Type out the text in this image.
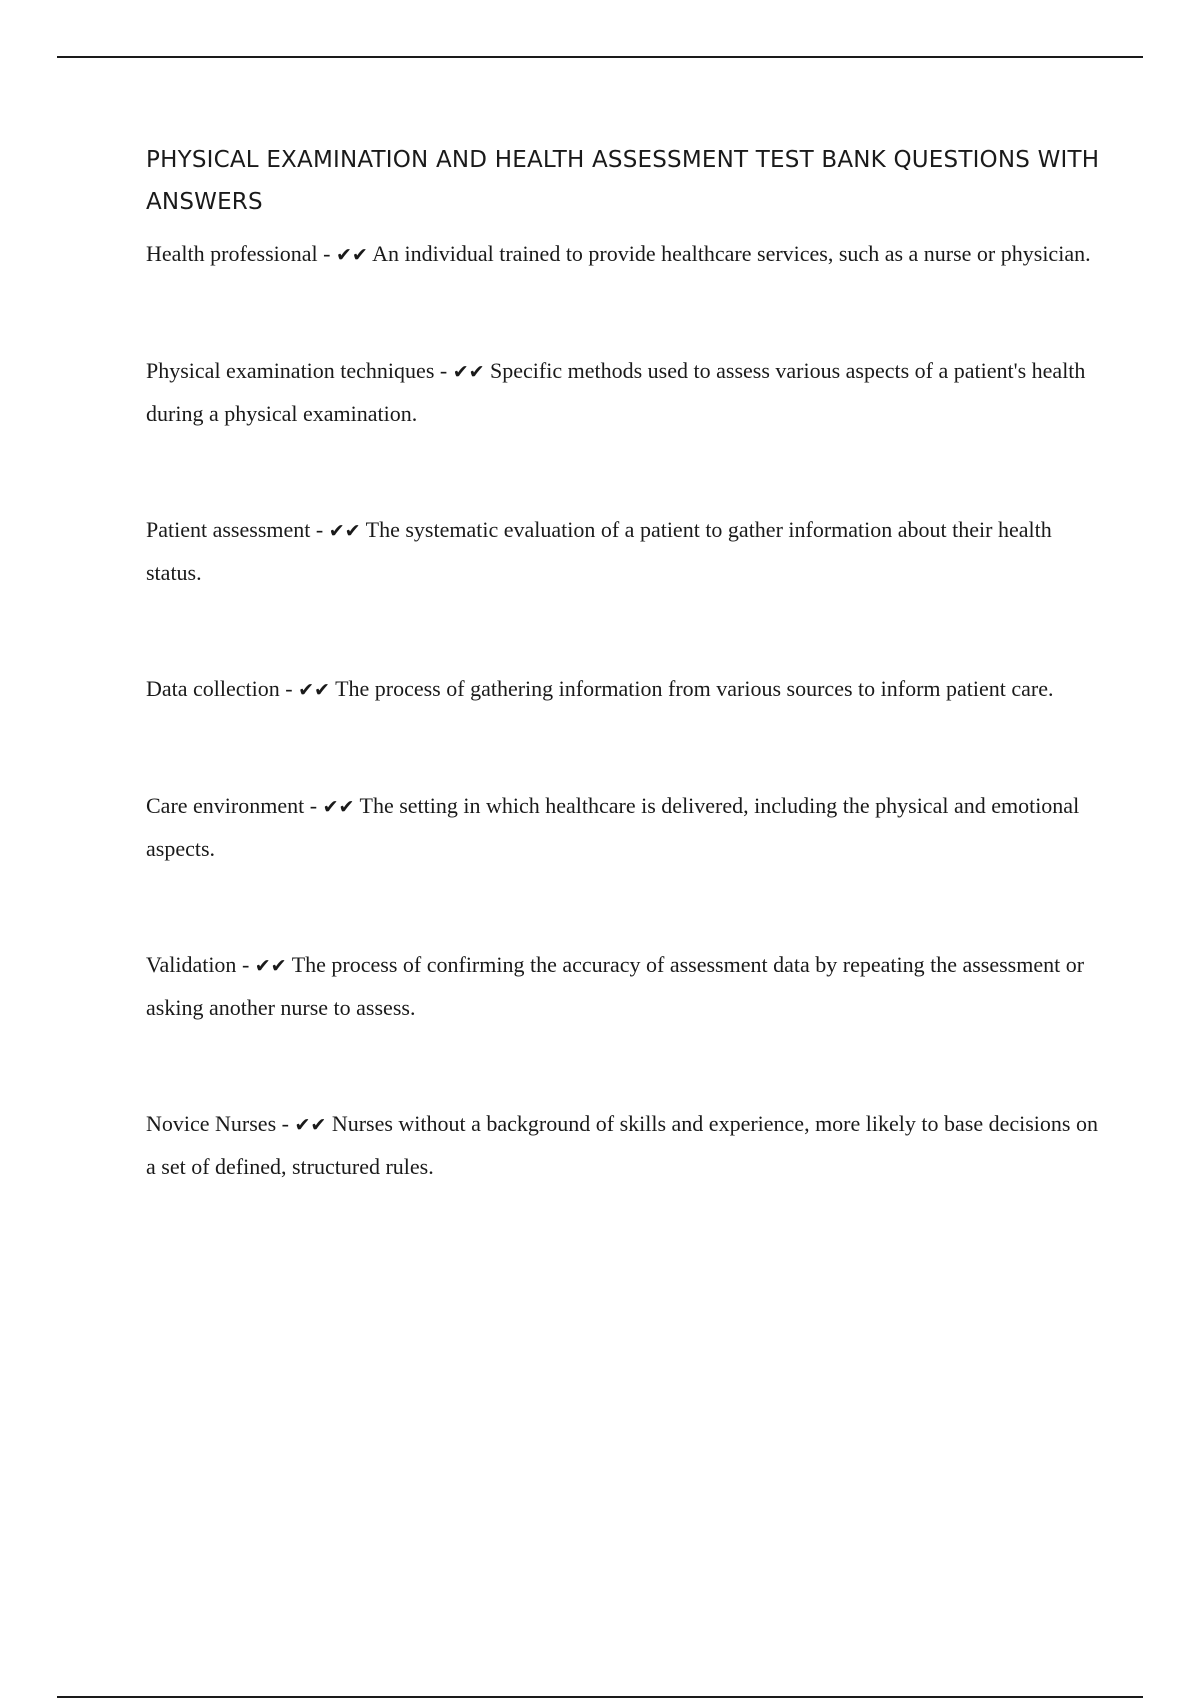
PHYSICAL EXAMINATION AND HEALTH ASSESSMENT TEST BANK QUESTIONS WITH ANSWERS

Health professional - ✔✔ An individual trained to provide healthcare services, such as a nurse or physician.

Physical examination techniques - ✔✔ Specific methods used to assess various aspects of a patient's health during a physical examination.

Patient assessment - ✔✔ The systematic evaluation of a patient to gather information about their health status.

Data collection - ✔✔ The process of gathering information from various sources to inform patient care.

Care environment - ✔✔ The setting in which healthcare is delivered, including the physical and emotional aspects.

Validation - ✔✔ The process of confirming the accuracy of assessment data by repeating the assessment or asking another nurse to assess.

Novice Nurses - ✔✔ Nurses without a background of skills and experience, more likely to base decisions on a set of defined, structured rules.
